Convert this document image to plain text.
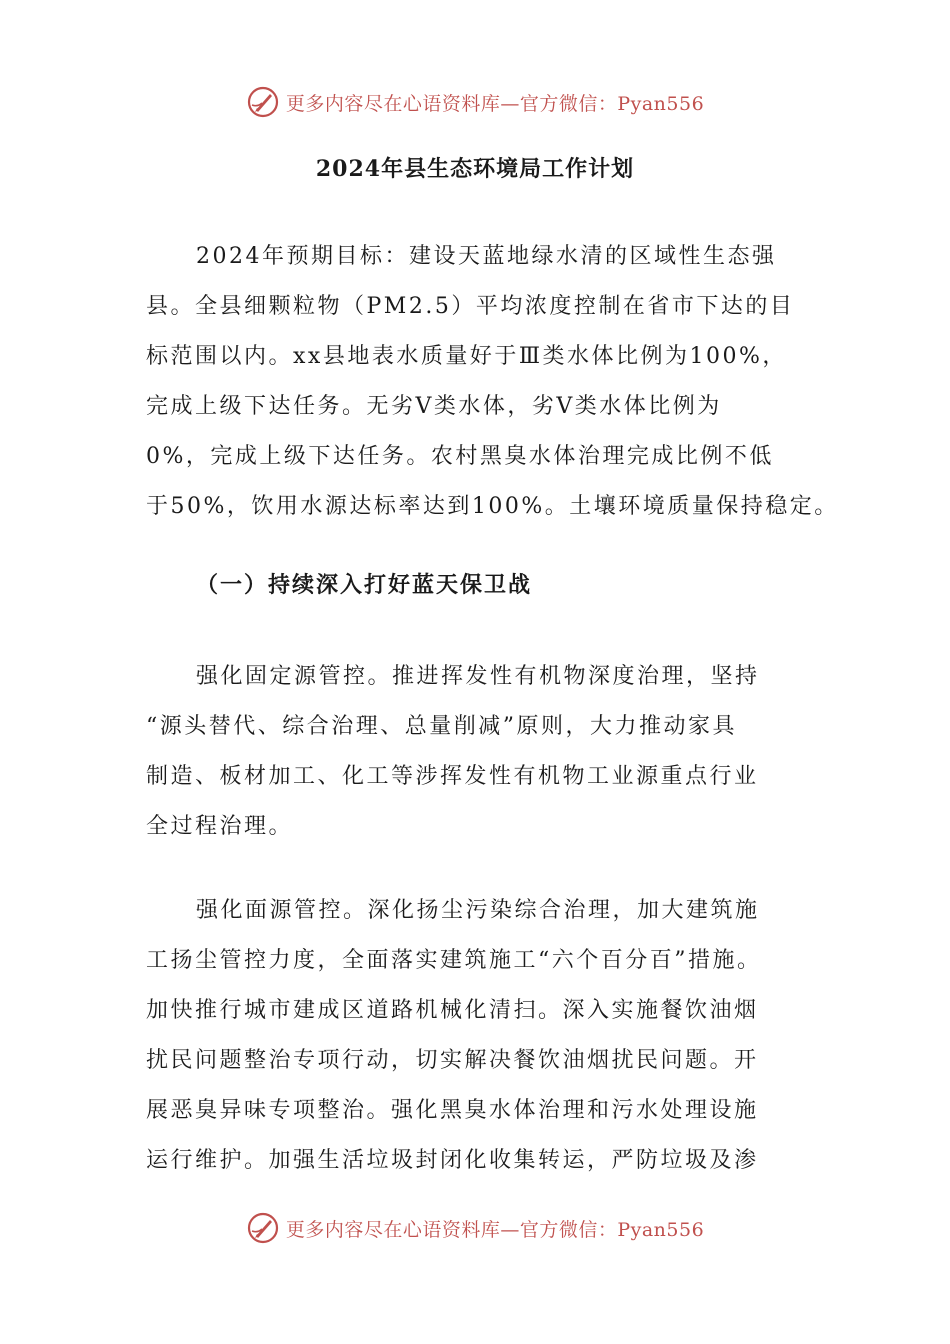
更多内容尽在心语资料库—官方微信：Pyan556
2024年县生态环境局工作计划
2024年预期目标：建设天蓝地绿水清的区域性生态强
县。全县细颗粒物（PM2.5）平均浓度控制在省市下达的目
标范围以内。xx县地表水质量好于Ⅲ类水体比例为100%，
完成上级下达任务。无劣Ⅴ类水体，劣Ⅴ类水体比例为
0%，完成上级下达任务。农村黑臭水体治理完成比例不低
于50%，饮用水源达标率达到100%。土壤环境质量保持稳定。
（一）持续深入打好蓝天保卫战
强化固定源管控。推进挥发性有机物深度治理，坚持
“源头替代、综合治理、总量削减”原则，大力推动家具
制造、板材加工、化工等涉挥发性有机物工业源重点行业
全过程治理。
强化面源管控。深化扬尘污染综合治理，加大建筑施
工扬尘管控力度，全面落实建筑施工“六个百分百”措施。
加快推行城市建成区道路机械化清扫。深入实施餐饮油烟
扰民问题整治专项行动，切实解决餐饮油烟扰民问题。开
展恶臭异味专项整治。强化黑臭水体治理和污水处理设施
运行维护。加强生活垃圾封闭化收集转运，严防垃圾及渗
更多内容尽在心语资料库—官方微信：Pyan556
